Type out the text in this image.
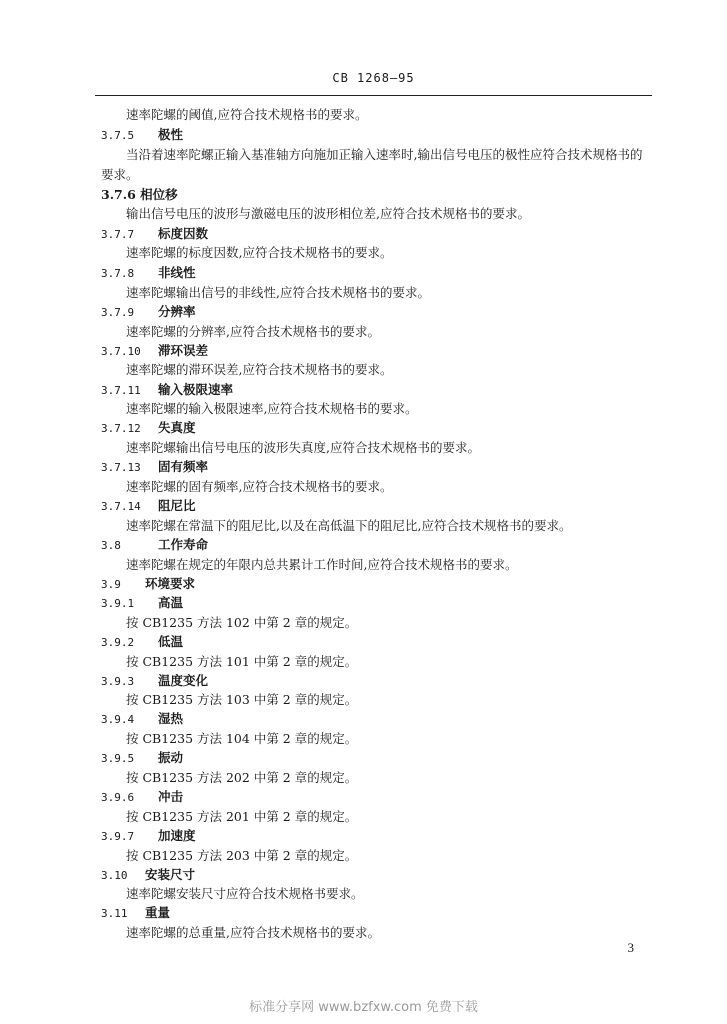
CB 1268—95
速率陀螺的阈值,应符合技术规格书的要求。
3.7.5 极性
当沿着速率陀螺正输入基准轴方向施加正输入速率时,输出信号电压的极性应符合技术规格书的
要求。
3.7.6 相位移
输出信号电压的波形与激磁电压的波形相位差,应符合技术规格书的要求。
3.7.7 标度因数
速率陀螺的标度因数,应符合技术规格书的要求。
3.7.8 非线性
速率陀螺输出信号的非线性,应符合技术规格书的要求。
3.7.9 分辨率
速率陀螺的分辨率,应符合技术规格书的要求。
3.7.10 滞环误差
速率陀螺的滞环误差,应符合技术规格书的要求。
3.7.11 输入极限速率
速率陀螺的输入极限速率,应符合技术规格书的要求。
3.7.12 失真度
速率陀螺输出信号电压的波形失真度,应符合技术规格书的要求。
3.7.13 固有频率
速率陀螺的固有频率,应符合技术规格书的要求。
3.7.14 阻尼比
速率陀螺在常温下的阻尼比,以及在高低温下的阻尼比,应符合技术规格书的要求。
3.8	工作寿命
速率陀螺在规定的年限内总共累计工作时间,应符合技术规格书的要求。
3.9 环境要求
3.9.1 高温
按 CB1235 方法 102 中第 2 章的规定。
3.9.2 低温
按 CB1235 方法 101 中第 2 章的规定。
3.9.3 温度变化
按 CB1235 方法 103 中第 2 章的规定。
3.9.4 湿热
按 CB1235 方法 104 中第 2 章的规定。
3.9.5 振动
按 CB1235 方法 202 中第 2 章的规定。
3.9.6 冲击
按 CB1235 方法 201 中第 2 章的规定。
3.9.7 加速度
按 CB1235 方法 203 中第 2 章的规定。
3.10 安装尺寸
速率陀螺安装尺寸应符合技术规格书要求。
3.11 重量
速率陀螺的总重量,应符合技术规格书的要求。
3
标准分享网 www.bzfxw.com 免费下载
